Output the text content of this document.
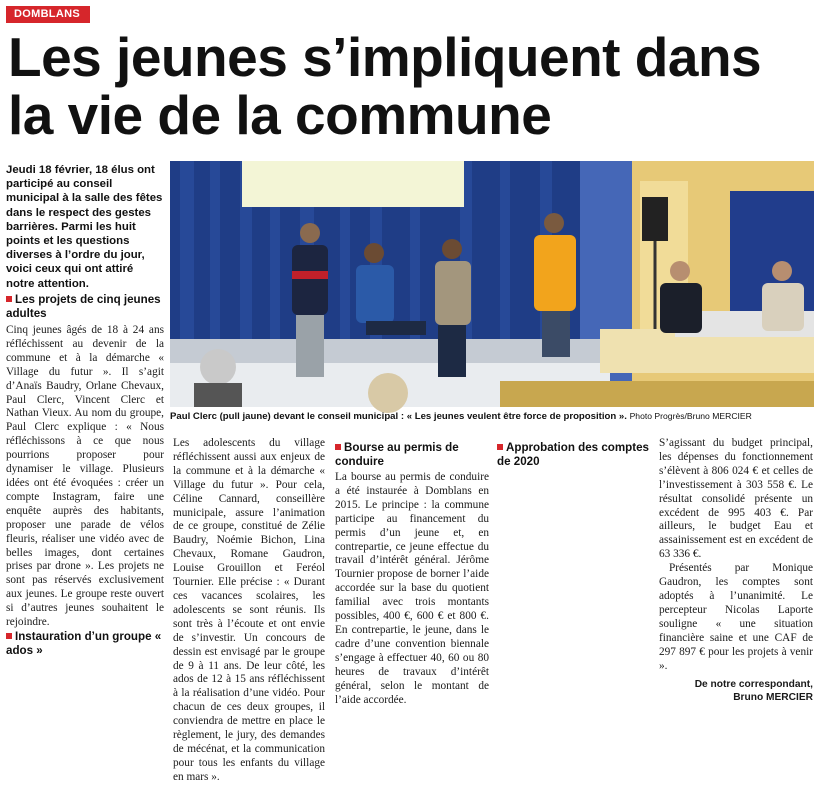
DOMBLANS
Les jeunes s’impliquent dans la vie de la commune
Jeudi 18 février, 18 élus ont participé au conseil municipal à la salle des fêtes dans le respect des gestes barrières. Parmi les huit points et les questions diverses à l’ordre du jour, voici ceux qui ont attiré notre attention.
Les projets de cinq jeunes adultes

Cinq jeunes âgés de 18 à 24 ans réfléchissent au devenir de la commune et à la démarche « Village du futur ». Il s’agit d’Anaïs Baudry, Orlane Chevaux, Paul Clerc, Vincent Clerc et Nathan Vieux. Au nom du groupe, Paul Clerc explique : « Nous réfléchissons à ce que nous pourrions proposer pour dynamiser le village. Plusieurs idées ont été évoquées : créer un compte Instagram, faire une enquête auprès des habitants, proposer une parade de vélos fleuris, réaliser une vidéo avec de belles images, dont certaines prises par drone ». Les projets ne sont pas réservés exclusivement aux jeunes. Le groupe reste ouvert si d’autres jeunes souhaitent le rejoindre.

Instauration d’un groupe « ados »
Paul Clerc (pull jaune) devant le conseil municipal : « Les jeunes veulent être force de proposition ». Photo Progrès/Bruno MERCIER

Les adolescents du village réfléchissent aussi aux enjeux de la commune et à la démarche « Village du futur ». Pour cela, Céline Cannard, conseillère municipale, assure l’animation de ce groupe, constitué de Zélie Baudry, Noémie Bichon, Lina Chevaux, Romane Gaudron, Louise Grouillon et Feréol Tournier. Elle précise : « Durant ces vacances scolaires, les adolescents se sont réunis. Ils sont très à l’écoute et ont envie de s’investir. Un concours de dessin est envisagé par le groupe de 9 à 11 ans. De leur côté, les ados de 12 à 15 ans réfléchissent à la réalisation d’une vidéo. Pour chacun de ces deux groupes, il conviendra de mettre en place le règlement, le jury, des demandes de mécénat, et la communication pour tous les enfants du village en mars ».

Bourse au permis de conduire

La bourse au permis de conduire a été instaurée à Domblans en 2015. Le principe : la commune participe au financement du permis d’un jeune et, en contrepartie, ce jeune effectue du travail d’intérêt général. Jérôme Tournier propose de borner l’aide accordée sur la base du quotient familial avec trois montants possibles, 400 €, 600 € et 800 €. En contrepartie, le jeune, dans le cadre d’une convention biennale s’engage à effectuer 40, 60 ou 80 heures de travaux d’intérêt général, selon le montant de l’aide accordée.

Approbation des comptes de 2020

S’agissant du budget principal, les dépenses du fonctionnement s’élèvent à 806 024 € et celles de l’investissement à 303 558 €. Le résultat consolidé présente un excédent de 995 403 €. Par ailleurs, le budget Eau et assainissement est en excédent de 63 336 €.

Présentés par Monique Gaudron, les comptes sont adoptés à l’unanimité. Le percepteur Nicolas Laporte souligne « une situation financière saine et une CAF de 297 897 € pour les projets à venir ».

De notre correspondant,
Bruno MERCIER
